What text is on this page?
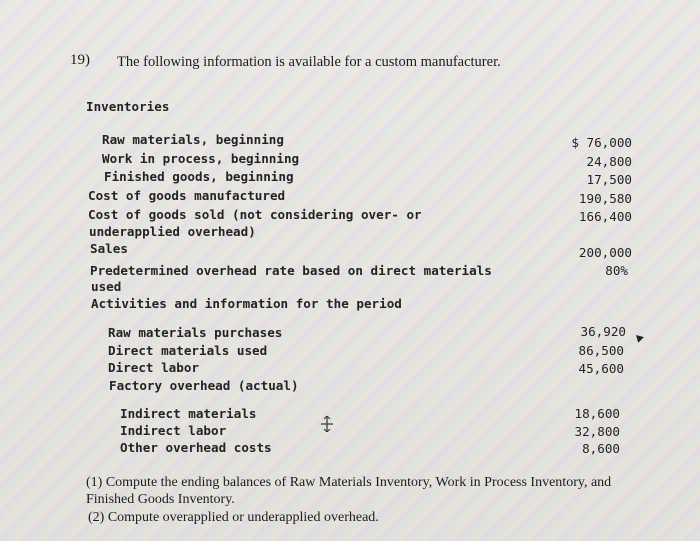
19) The following information is available for a custom manufacturer.
Inventories
Raw materials, beginning	$ 76,000
Work in process, beginning	24,800
Finished goods, beginning	17,500
Cost of goods manufactured	190,580
Cost of goods sold (not considering over- or	166,400
underapplied overhead)
Sales	200,000
Predetermined overhead rate based on direct materials	80%
used
Activities and information for the period
Raw materials purchases	36,920
Direct materials used	86,500
Direct labor	45,600
Factory overhead (actual)
Indirect materials	18,600
Indirect labor	32,800
Other overhead costs	8,600
(1) Compute the ending balances of Raw Materials Inventory, Work in Process Inventory, and
Finished Goods Inventory.
(2) Compute overapplied or underapplied overhead.
